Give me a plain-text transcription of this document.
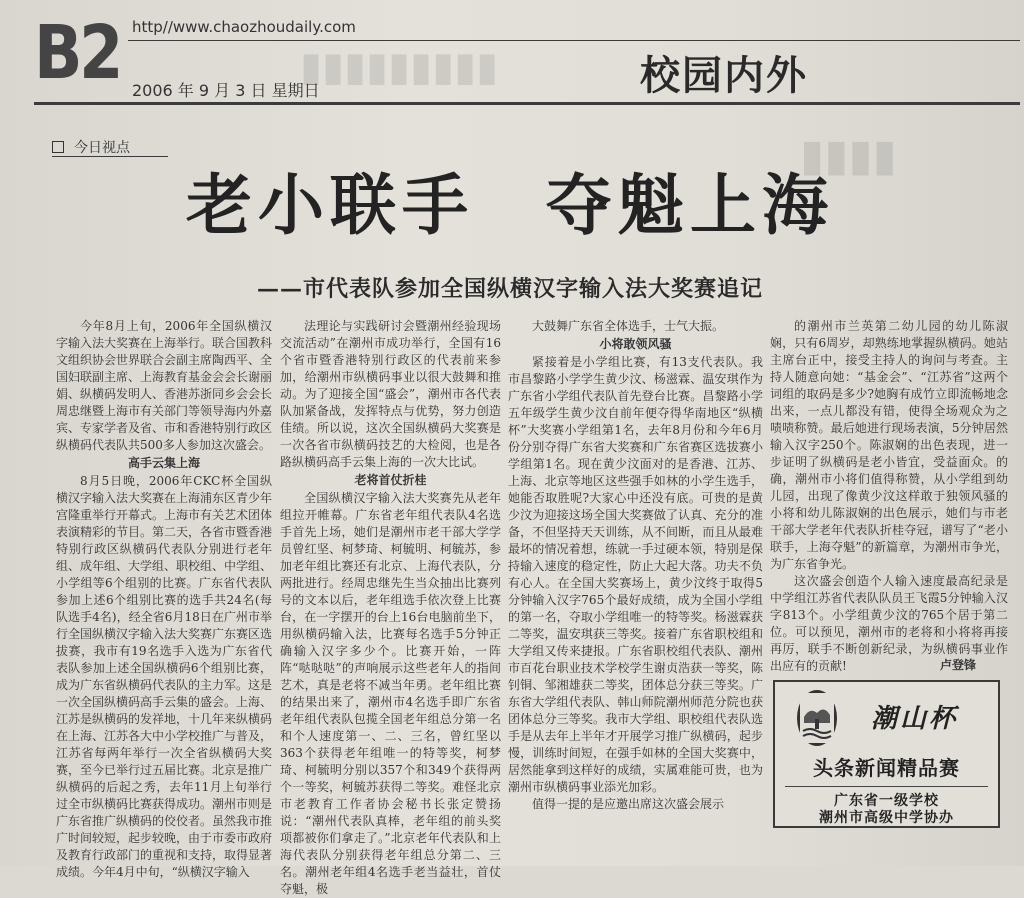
▮▮▮▮▮▮▮▮▮
▮▮▮▮
B2 http//www.chaozhoudaily.com
2006 年 9 月 3 日 星期日	校园内外
今日视点
老小联手　夺魁上海
——市代表队参加全国纵横汉字输入法大奖赛追记

今年8月上旬，2006年全国纵横汉字输入法大奖赛在上海举行。联合国教科文组织协会世界联合会副主席陶西平、全国妇联副主席、上海教育基金会会长谢丽娟、纵横码发明人、香港苏浙同乡会会长周忠继暨上海市有关部门等领导海内外嘉宾、专家学者及省、市和香港特别行政区纵横码代表队共500多人参加这次盛会。

高手云集上海

8月5日晚，2006年CKC杯全国纵横汉字输入法大奖赛在上海浦东区青少年宫隆重举行开幕式。上海市有关艺术团体表演精彩的节目。第二天，各省市暨香港特别行政区纵横码代表队分别进行老年组、成年组、大学组、职校组、中学组、小学组等6个组别的比赛。广东省代表队参加上述6个组别比赛的选手共24名(每队选手4名)，经全省6月18日在广州市举行全国纵横汉字输入法大奖赛广东赛区选拔赛，我市有19名选手入选为广东省代表队参加上述全国纵横码6个组别比赛，成为广东省纵横码代表队的主力军。这是一次全国纵横码高手云集的盛会。上海、江苏是纵横码的发祥地，十几年来纵横码在上海、江苏各大中小学校推广与普及，江苏省每两年举行一次全省纵横码大奖赛，至今已举行过五届比赛。北京是推广纵横码的后起之秀，去年11月上旬举行过全市纵横码比赛获得成功。潮州市则是广东省推广纵横码的佼佼者。虽然我市推广时间较短，起步较晚，由于市委市政府及教育行政部门的重视和支持，取得显著成绩。今年4月中旬，“纵横汉字输入

法理论与实践研讨会暨潮州经验现场交流活动”在潮州市成功举行，全国有16个省市暨香港特别行政区的代表前来参加，给潮州市纵横码事业以很大鼓舞和推动。为了迎接全国“盛会”，潮州市各代表队加紧备战，发挥特点与优势，努力创造佳绩。所以说，这次全国纵横码大奖赛是一次各省市纵横码技艺的大检阅，也是各路纵横码高手云集上海的一次大比试。

老将首仗折桂

全国纵横汉字输入法大奖赛先从老年组拉开帷幕。广东省老年组代表队4名选手首先上场，她们是潮州市老干部大学学员曾红坚、柯梦琦、柯毓明、柯毓苏，参加老年组比赛还有北京、上海代表队，分两批进行。经周忠继先生当众抽出比赛列号的文本以后，老年组选手依次登上比赛台，在一字摆开的台上16台电脑前坐下，用纵横码输入法，比赛每名选手5分钟正确输入汉字多少个。比赛开始，一阵阵“哒哒哒”的声响展示这些老年人的指间艺术，真是老将不减当年勇。老年组比赛的结果出来了，潮州市4名选手即广东省老年组代表队包揽全国老年组总分第一名和个人速度第一、二、三名，曾红坚以363个获得老年组唯一的特等奖，柯梦琦、柯毓明分别以357个和349个获得两个一等奖，柯毓苏获得二等奖。难怪北京市老教育工作者协会秘书长张定赞扬说：“潮州代表队真棒，老年组的前头奖项都被你们拿走了。”北京老年代表队和上海代表队分别获得老年组总分第二、三名。潮州老年组4名选手老当益壮，首仗夺魁，极

大鼓舞广东省全体选手，士气大振。

小将敢领风骚

紧接着是小学组比赛，有13支代表队。我市昌黎路小学学生黄少汶、杨滋霖、温安琪作为广东省小学组代表队首先登台比赛。昌黎路小学五年级学生黄少汶自前年便夺得华南地区“纵横杯”大奖赛小学组第1名，去年8月份和今年6月份分别夺得广东省大奖赛和广东省赛区选拔赛小学组第1名。现在黄少汶面对的是香港、江苏、上海、北京等地区这些强手如林的小学生选手，她能否取胜呢?大家心中还没有底。可贵的是黄少汶为迎接这场全国大奖赛做了认真、充分的准备，不但坚持天天训练，从不间断，而且从最难最坏的情况着想，练就一手过硬本领，特别是保持输入速度的稳定性，防止大起大落。功夫不负有心人。在全国大奖赛场上，黄少汶终于取得5分钟输入汉字765个最好成绩，成为全国小学组的第一名，夺取小学组唯一的特等奖。杨滋霖获二等奖，温安琪获三等奖。接着广东省职校组和大学组又传来捷报。广东省职校组代表队、潮州市百花台职业技术学校学生谢贞浩获一等奖，陈钊铜、邹湘雄获二等奖，团体总分获三等奖。广东省大学组代表队、韩山师院潮州师范分院也获团体总分三等奖。我市大学组、职校组代表队选手是从去年上半年才开展学习推广纵横码，起步慢，训练时间短，在强手如林的全国大奖赛中，居然能拿到这样好的成绩，实属难能可贵，也为潮州市纵横码事业添光加彩。

值得一提的是应邀出席这次盛会展示

的潮州市兰英第二幼儿园的幼儿陈淑娴，只有6周岁，却熟练地掌握纵横码。她站主席台正中，接受主持人的询问与考查。主持人随意向她：“基金会”、“江苏省”这两个词组的取码是多少?她胸有成竹立即流畅地念出来，一点儿都没有错，使得全场观众为之啧啧称赞。最后她进行现场表演，5分钟居然输入汉字250个。陈淑娴的出色表现，进一步证明了纵横码是老小皆宜，受益面众。的确，潮州市小将们值得称赞，从小学组到幼儿园，出现了像黄少汶这样敢于独领风骚的小将和幼儿陈淑娴的出色展示，她们与市老干部大学老年代表队折桂夺冠，谱写了“老小联手，上海夺魁”的新篇章，为潮州市争光，为广东省争光。

这次盛会创造个人输入速度最高纪录是中学组江苏省代表队队员王飞霞5分钟输入汉字813个。小学组黄少汶的765个居于第二位。可以预见，潮州市的老将和小将将再接再厉，联手不断创新纪录，为纵横码事业作出应有的贡献!	卢登锋
潮山杯
头条新闻精品赛
广东省一级学校
潮州市高级中学协办
